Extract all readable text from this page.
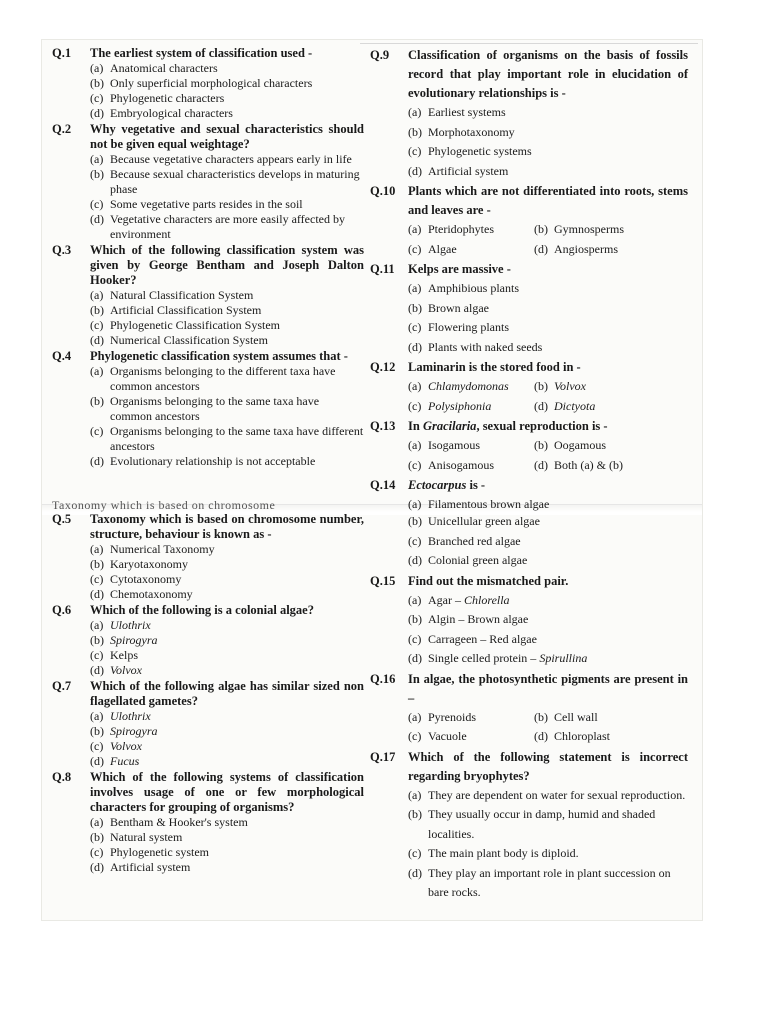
Q.1 The earliest system of classification used -
(a) Anatomical characters
(b) Only superficial morphological characters
(c) Phylogenetic characters
(d) Embryological characters
Q.2 Why vegetative and sexual characteristics should not be given equal weightage?
(a) Because vegetative characters appears early in life
(b) Because sexual characteristics develops in maturing phase
(c) Some vegetative parts resides in the soil
(d) Vegetative characters are more easily affected by environment
Q.3 Which of the following classification system was given by George Bentham and Joseph Dalton Hooker?
(a) Natural Classification System
(b) Artificial Classification System
(c) Phylogenetic Classification System
(d) Numerical Classification System
Q.4 Phylogenetic classification system assumes that -
(a) Organisms belonging to the different taxa have common ancestors
(b) Organisms belonging to the same taxa have common ancestors
(c) Organisms belonging to the same taxa have different ancestors
(d) Evolutionary relationship is not acceptable
Q.5 Taxonomy which is based on chromosome number, structure, behaviour is known as -
(a) Numerical Taxonomy
(b) Karyotaxonomy
(c) Cytotaxonomy
(d) Chemotaxonomy
Q.6 Which of the following is a colonial algae?
(a) Ulothrix
(b) Spirogyra
(c) Kelps
(d) Volvox
Q.7 Which of the following algae has similar sized non flagellated gametes?
(a) Ulothrix
(b) Spirogyra
(c) Volvox
(d) Fucus
Q.8 Which of the following systems of classification involves usage of one or few morphological characters for grouping of organisms?
(a) Bentham & Hooker's system
(b) Natural system
(c) Phylogenetic system
(d) Artificial system
Q.9 Classification of organisms on the basis of fossils record that play important role in elucidation of evolutionary relationships is -
(a) Earliest systems
(b) Morphotaxonomy
(c) Phylogenetic systems
(d) Artificial system
Q.10 Plants which are not differentiated into roots, stems and leaves are -
(a) Pteridophytes	(b) Gymnosperms
(c) Algae	(d) Angiosperms
Q.11 Kelps are massive -
(a) Amphibious plants
(b) Brown algae
(c) Flowering plants
(d) Plants with naked seeds
Q.12 Laminarin is the stored food in -
(a) Chlamydomonas	(b) Volvox
(c) Polysiphonia	(d) Dictyota
Q.13 In Gracilaria, sexual reproduction is -
(a) Isogamous	(b) Oogamous
(c) Anisogamous	(d) Both (a) & (b)
Q.14 Ectocarpus is -
(a) Filamentous brown algae
(b) Unicellular green algae
(c) Branched red algae
(d) Colonial green algae
Q.15 Find out the mismatched pair.
(a) Agar – Chlorella
(b) Algin – Brown algae
(c) Carrageen – Red algae
(d) Single celled protein – Spirullina
Q.16 In algae, the photosynthetic pigments are present in –
(a) Pyrenoids	(b) Cell wall
(c) Vacuole	(d) Chloroplast
Q.17 Which of the following statement is incorrect regarding bryophytes?
(a) They are dependent on water for sexual reproduction.
(b) They usually occur in damp, humid and shaded localities.
(c) The main plant body is diploid.
(d) They play an important role in plant succession on bare rocks.
